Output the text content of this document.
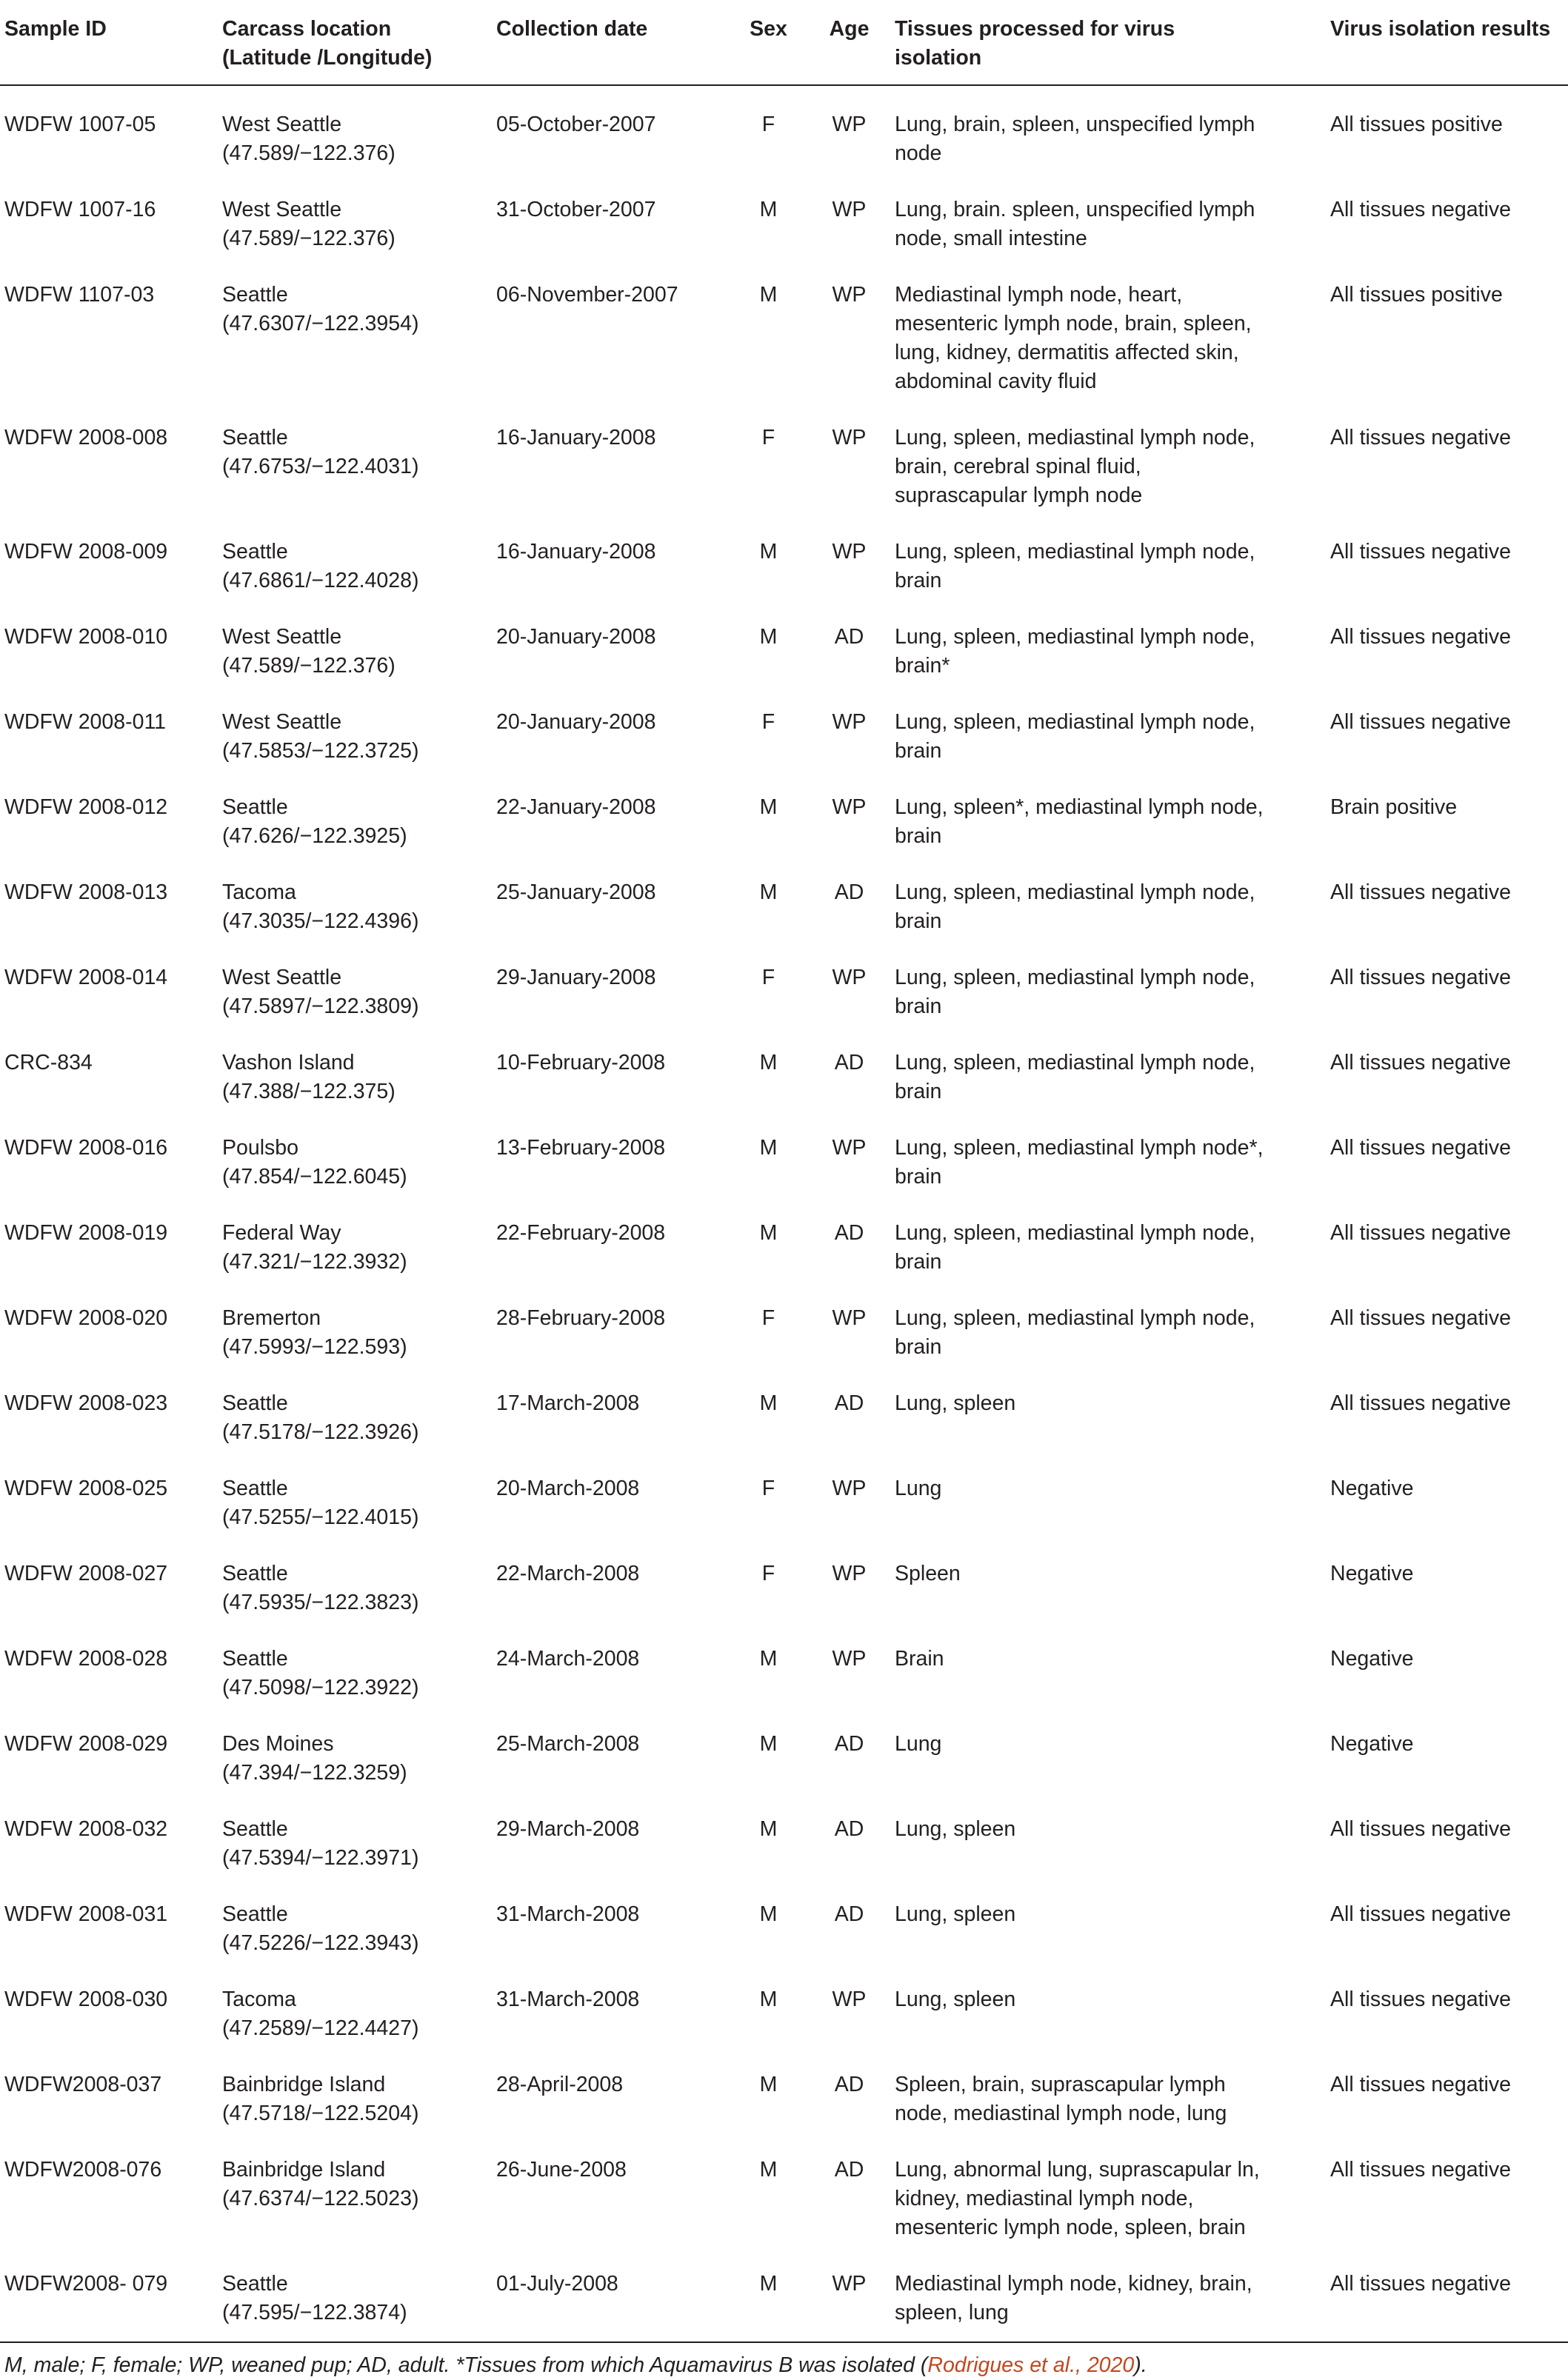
Sample ID	Carcass location
(Latitude /Longitude)	Collection date	Sex	Age	Tissues processed for virus
isolation	Virus isolation results

WDFW 1007-05	West Seattle
(47.589/−122.376)	05-October-2007	F	WP	Lung, brain, spleen, unspecified lymph
node	All tissues positive

WDFW 1007-16	West Seattle
(47.589/−122.376)	31-October-2007	M	WP	Lung, brain. spleen, unspecified lymph
node, small intestine	All tissues negative

WDFW 1107-03	Seattle
(47.6307/−122.3954)	06-November-2007	M	WP	Mediastinal lymph node, heart,
mesenteric lymph node, brain, spleen,
lung, kidney, dermatitis affected skin,
abdominal cavity fluid	All tissues positive

WDFW 2008-008	Seattle
(47.6753/−122.4031)	16-January-2008	F	WP	Lung, spleen, mediastinal lymph node,
brain, cerebral spinal fluid,
suprascapular lymph node	All tissues negative

WDFW 2008-009	Seattle
(47.6861/−122.4028)	16-January-2008	M	WP	Lung, spleen, mediastinal lymph node,
brain	All tissues negative

WDFW 2008-010	West Seattle
(47.589/−122.376)	20-January-2008	M	AD	Lung, spleen, mediastinal lymph node,
brain*	All tissues negative

WDFW 2008-011	West Seattle
(47.5853/−122.3725)	20-January-2008	F	WP	Lung, spleen, mediastinal lymph node,
brain	All tissues negative

WDFW 2008-012	Seattle
(47.626/−122.3925)	22-January-2008	M	WP	Lung, spleen*, mediastinal lymph node,
brain	Brain positive

WDFW 2008-013	Tacoma
(47.3035/−122.4396)	25-January-2008	M	AD	Lung, spleen, mediastinal lymph node,
brain	All tissues negative

WDFW 2008-014	West Seattle
(47.5897/−122.3809)	29-January-2008	F	WP	Lung, spleen, mediastinal lymph node,
brain	All tissues negative

CRC-834	Vashon Island
(47.388/−122.375)	10-February-2008	M	AD	Lung, spleen, mediastinal lymph node,
brain	All tissues negative

WDFW 2008-016	Poulsbo
(47.854/−122.6045)	13-February-2008	M	WP	Lung, spleen, mediastinal lymph node*,
brain	All tissues negative

WDFW 2008-019	Federal Way
(47.321/−122.3932)	22-February-2008	M	AD	Lung, spleen, mediastinal lymph node,
brain	All tissues negative

WDFW 2008-020	Bremerton
(47.5993/−122.593)	28-February-2008	F	WP	Lung, spleen, mediastinal lymph node,
brain	All tissues negative

WDFW 2008-023	Seattle
(47.5178/−122.3926)	17-March-2008	M	AD	Lung, spleen	All tissues negative

WDFW 2008-025	Seattle
(47.5255/−122.4015)	20-March-2008	F	WP	Lung	Negative

WDFW 2008-027	Seattle
(47.5935/−122.3823)	22-March-2008	F	WP	Spleen	Negative

WDFW 2008-028	Seattle
(47.5098/−122.3922)	24-March-2008	M	WP	Brain	Negative

WDFW 2008-029	Des Moines
(47.394/−122.3259)	25-March-2008	M	AD	Lung	Negative

WDFW 2008-032	Seattle
(47.5394/−122.3971)	29-March-2008	M	AD	Lung, spleen	All tissues negative

WDFW 2008-031	Seattle
(47.5226/−122.3943)	31-March-2008	M	AD	Lung, spleen	All tissues negative

WDFW 2008-030	Tacoma
(47.2589/−122.4427)	31-March-2008	M	WP	Lung, spleen	All tissues negative

WDFW2008-037	Bainbridge Island
(47.5718/−122.5204)	28-April-2008	M	AD	Spleen, brain, suprascapular lymph
node, mediastinal lymph node, lung	All tissues negative

WDFW2008-076	Bainbridge Island
(47.6374/−122.5023)	26-June-2008	M	AD	Lung, abnormal lung, suprascapular ln,
kidney, mediastinal lymph node,
mesenteric lymph node, spleen, brain	All tissues negative

WDFW2008- 079	Seattle
(47.595/−122.3874)	01-July-2008	M	WP	Mediastinal lymph node, kidney, brain,
spleen, lung	All tissues negative

M, male; F, female; WP, weaned pup; AD, adult. *Tissues from which Aquamavirus B was isolated (Rodrigues et al., 2020).
